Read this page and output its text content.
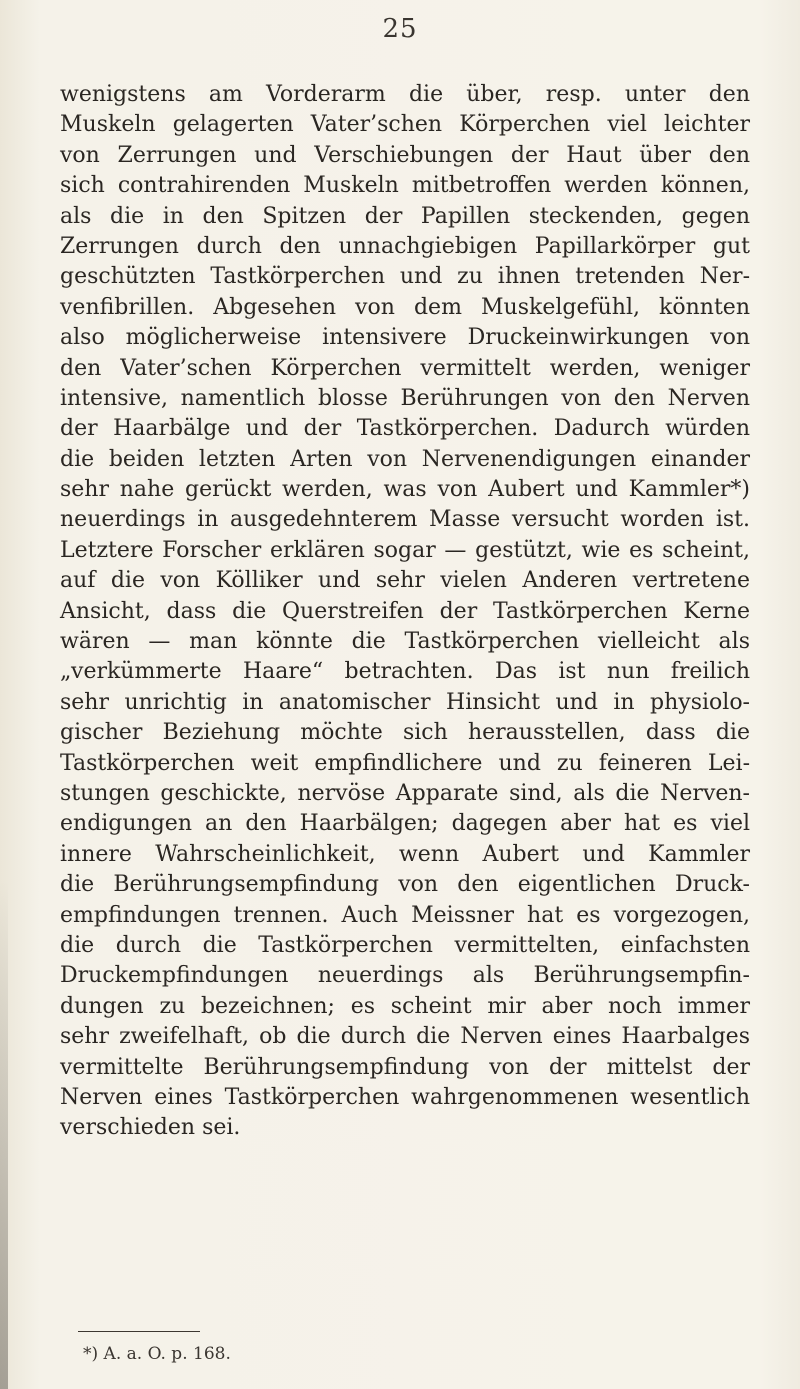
25
wenigstens am Vorderarm die über, resp. unter den
Muskeln gelagerten Vater’schen Körperchen viel leichter
von Zerrungen und Verschiebungen der Haut über den
sich contrahirenden Muskeln mitbetroffen werden können,
als die in den Spitzen der Papillen steckenden, gegen
Zerrungen durch den unnachgiebigen Papillarkörper gut
geschützten Tastkörperchen und zu ihnen tretenden Ner-
venfibrillen. Abgesehen von dem Muskelgefühl, könnten
also möglicherweise intensivere Druckeinwirkungen von
den Vater’schen Körperchen vermittelt werden, weniger
intensive, namentlich blosse Berührungen von den Nerven
der Haarbälge und der Tastkörperchen. Dadurch würden
die beiden letzten Arten von Nervenendigungen einander
sehr nahe gerückt werden, was von Aubert und Kammler*)
neuerdings in ausgedehnterem Masse versucht worden ist.
Letztere Forscher erklären sogar — gestützt, wie es scheint,
auf die von Kölliker und sehr vielen Anderen vertretene
Ansicht, dass die Querstreifen der Tastkörperchen Kerne
wären — man könnte die Tastkörperchen vielleicht als
„verkümmerte Haare“ betrachten. Das ist nun freilich
sehr unrichtig in anatomischer Hinsicht und in physiolo-
gischer Beziehung möchte sich herausstellen, dass die
Tastkörperchen weit empfindlichere und zu feineren Lei-
stungen geschickte, nervöse Apparate sind, als die Nerven-
endigungen an den Haarbälgen; dagegen aber hat es viel
innere Wahrscheinlichkeit, wenn Aubert und Kammler
die Berührungsempfindung von den eigentlichen Druck-
empfindungen trennen. Auch Meissner hat es vorgezogen,
die durch die Tastkörperchen vermittelten, einfachsten
Druckempfindungen neuerdings als Berührungsempfin-
dungen zu bezeichnen; es scheint mir aber noch immer
sehr zweifelhaft, ob die durch die Nerven eines Haarbalges
vermittelte Berührungsempfindung von der mittelst der
Nerven eines Tastkörperchen wahrgenommenen wesentlich
verschieden sei.
*) A. a. O. p. 168.
